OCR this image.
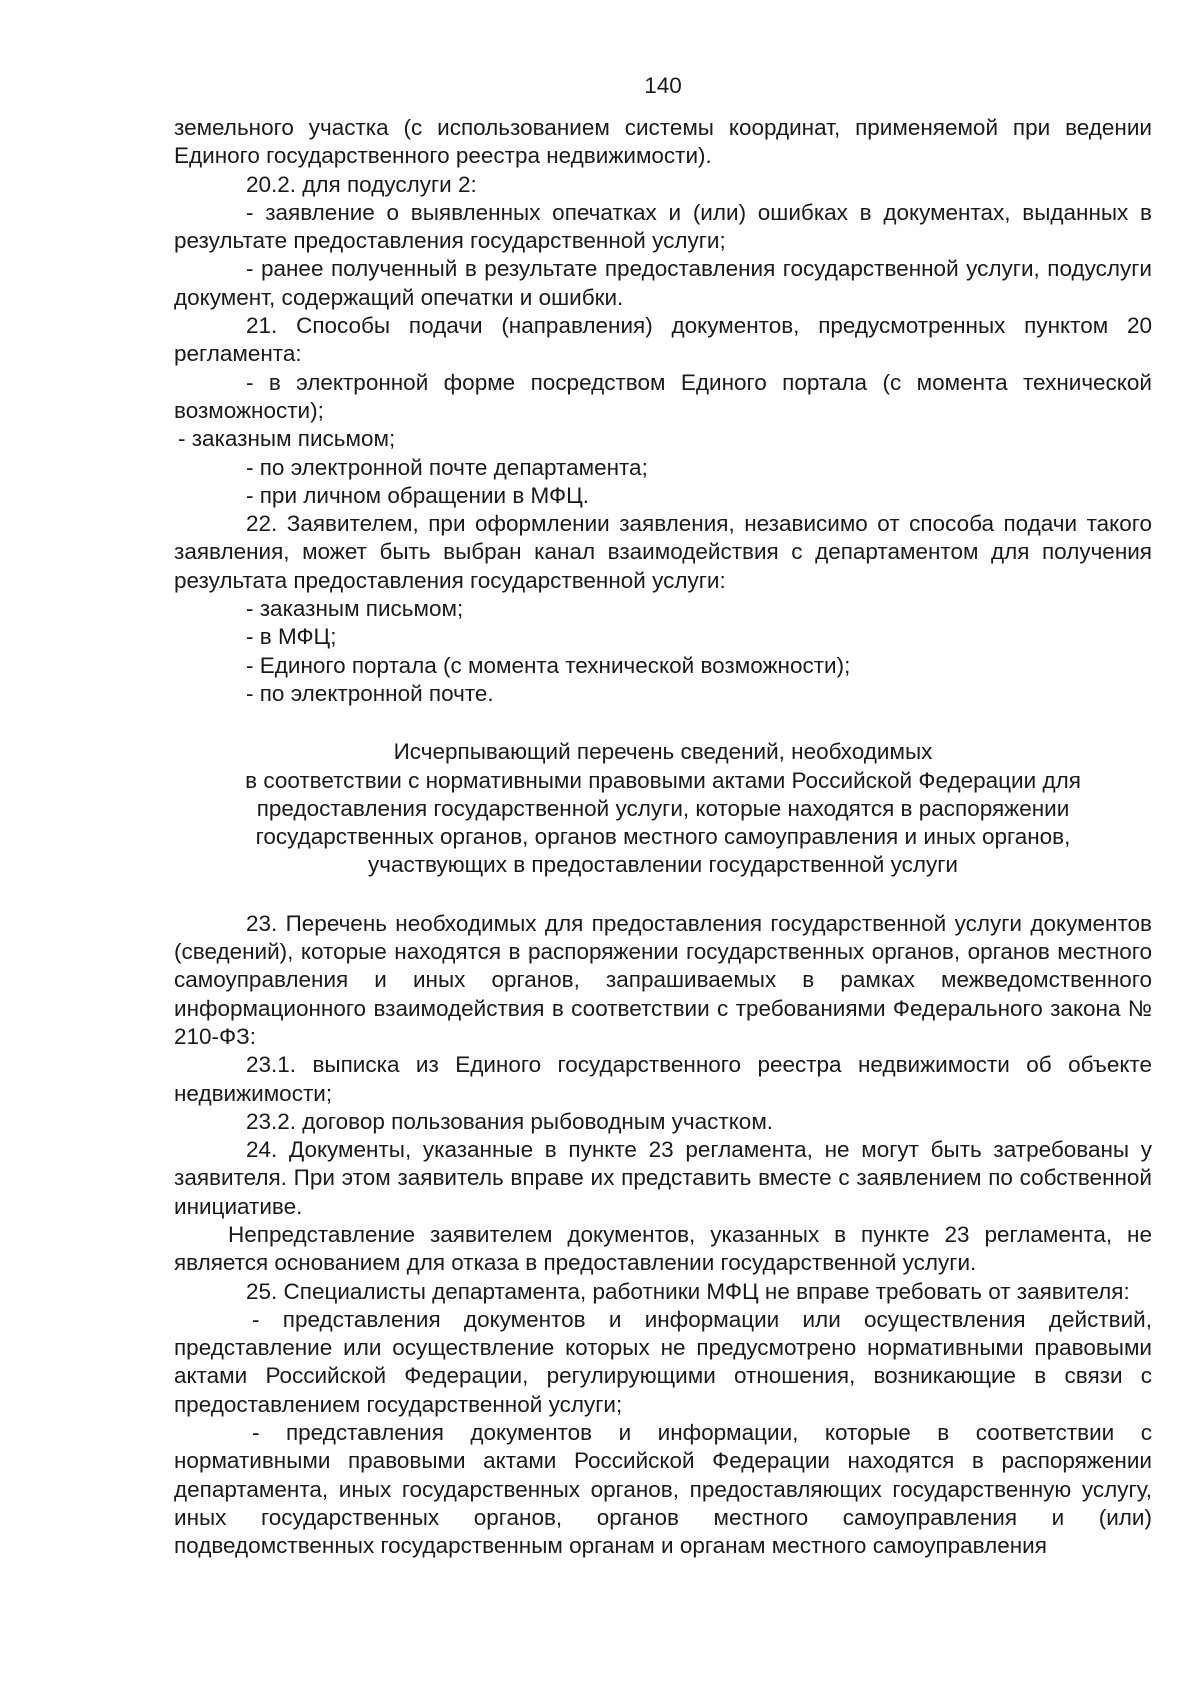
140

земельного участка (с использованием системы координат, применяемой при ведении Единого государственного реестра недвижимости).

20.2. для подуслуги 2:

- заявление о выявленных опечатках и (или) ошибках в документах, выданных в результате предоставления государственной услуги;

- ранее полученный в результате предоставления государственной услуги, подуслуги документ, содержащий опечатки и ошибки.

21. Способы подачи (направления) документов, предусмотренных пунктом 20 регламента:

- в электронной форме посредством Единого портала (с момента технической возможности);

- заказным письмом;

- по электронной почте департамента;

- при личном обращении в МФЦ.

22. Заявителем, при оформлении заявления, независимо от способа подачи такого заявления, может быть выбран канал взаимодействия с департаментом для получения результата предоставления государственной услуги:

- заказным письмом;

- в МФЦ;

- Единого портала (с момента технической возможности);

- по электронной почте.

Исчерпывающий перечень сведений, необходимых
в соответствии с нормативными правовыми актами Российской Федерации для
предоставления государственной услуги, которые находятся в распоряжении
государственных органов, органов местного самоуправления и иных органов,
участвующих в предоставлении государственной услуги

23. Перечень необходимых для предоставления государственной услуги документов (сведений), которые находятся в распоряжении государственных органов, органов местного самоуправления и иных органов, запрашиваемых в рамках межведомственного информационного взаимодействия в соответствии с требованиями Федерального закона № 210-ФЗ:

23.1. выписка из Единого государственного реестра недвижимости об объекте недвижимости;

23.2. договор пользования рыбоводным участком.

24. Документы, указанные в пункте 23 регламента, не могут быть затребованы у заявителя. При этом заявитель вправе их представить вместе с заявлением по собственной инициативе.

Непредставление заявителем документов, указанных в пункте 23 регламента, не является основанием для отказа в предоставлении государственной услуги.

25. Специалисты департамента, работники МФЦ не вправе требовать от заявителя:

- представления документов и информации или осуществления действий, представление или осуществление которых не предусмотрено нормативными правовыми актами Российской Федерации, регулирующими отношения, возникающие в связи с предоставлением государственной услуги;

- представления документов и информации, которые в соответствии с нормативными правовыми актами Российской Федерации находятся в распоряжении департамента, иных государственных органов, предоставляющих государственную услугу, иных государственных органов, органов местного самоуправления и (или) подведомственных государственным органам и органам местного самоуправления
